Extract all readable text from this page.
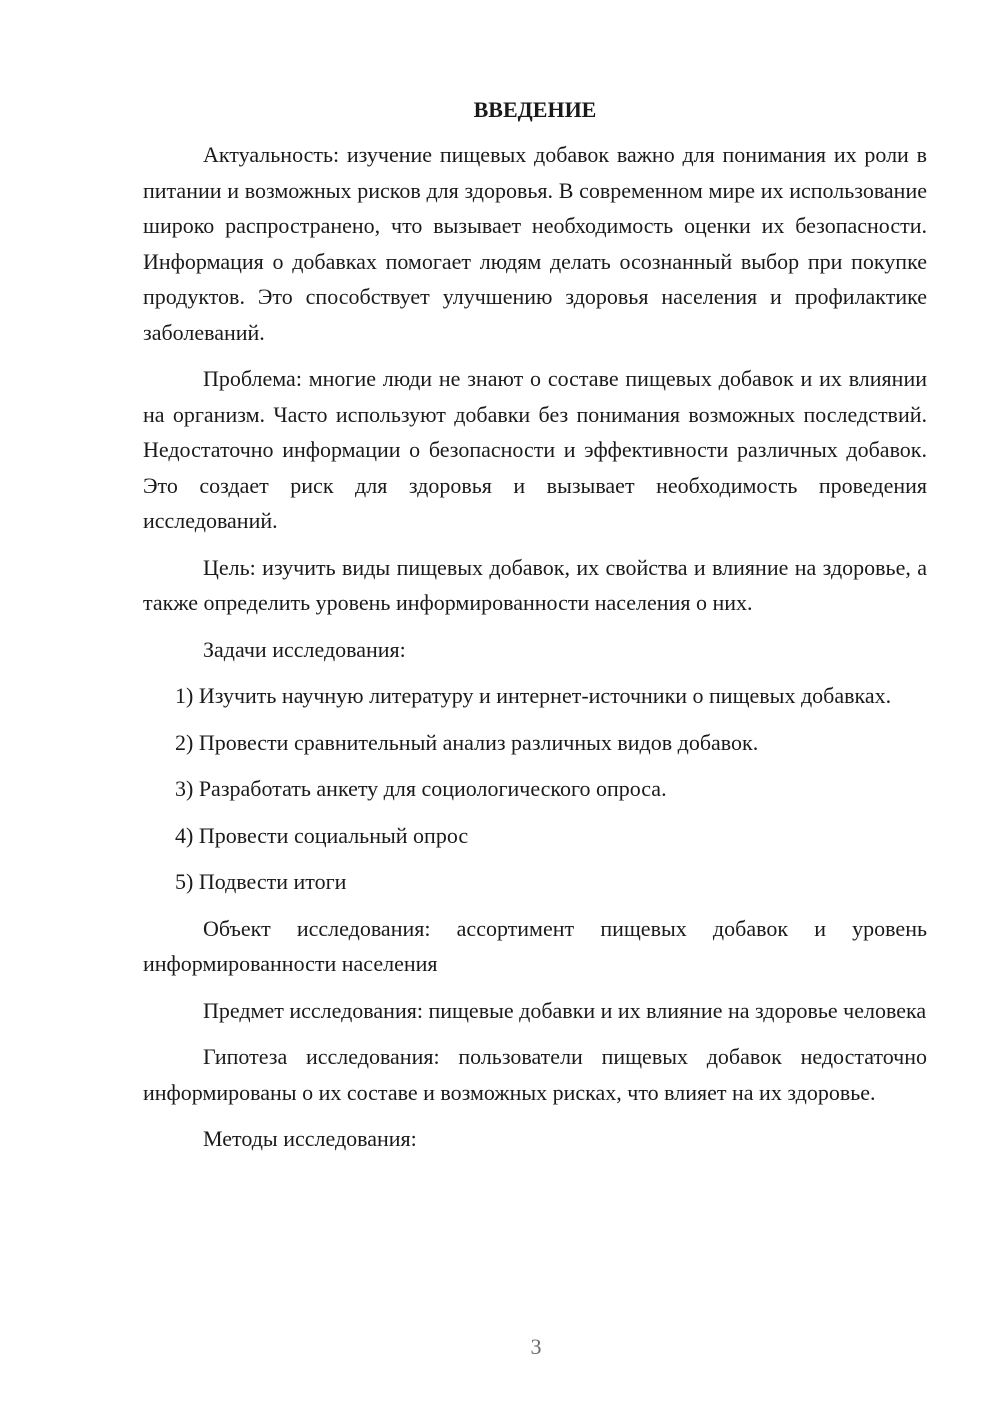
ВВЕДЕНИЕ

Актуальность: изучение пищевых добавок важно для понимания их роли в питании и возможных рисков для здоровья. В современном мире их использование широко распространено, что вызывает необходимость оценки их безопасности. Информация о добавках помогает людям делать осознанный выбор при покупке продуктов. Это способствует улучшению здоровья населения и профилактике заболеваний.

Проблема: многие люди не знают о составе пищевых добавок и их влиянии на организм. Часто используют добавки без понимания возможных последствий. Недостаточно информации о безопасности и эффективности различных добавок. Это создает риск для здоровья и вызывает необходимость проведения исследований.

Цель: изучить виды пищевых добавок, их свойства и влияние на здоровье, а также определить уровень информированности населения о них.

Задачи исследования:

1) Изучить научную литературу и интернет-источники о пищевых добавках.

2) Провести сравнительный анализ различных видов добавок.

3) Разработать анкету для социологического опроса.

4) Провести социальный опрос

5) Подвести итоги

Объект исследования: ассортимент пищевых добавок и уровень информированности населения

Предмет исследования: пищевые добавки и их влияние на здоровье человека

Гипотеза исследования: пользователи пищевых добавок недостаточно информированы о их составе и возможных рисках, что влияет на их здоровье.

Методы исследования:

3
